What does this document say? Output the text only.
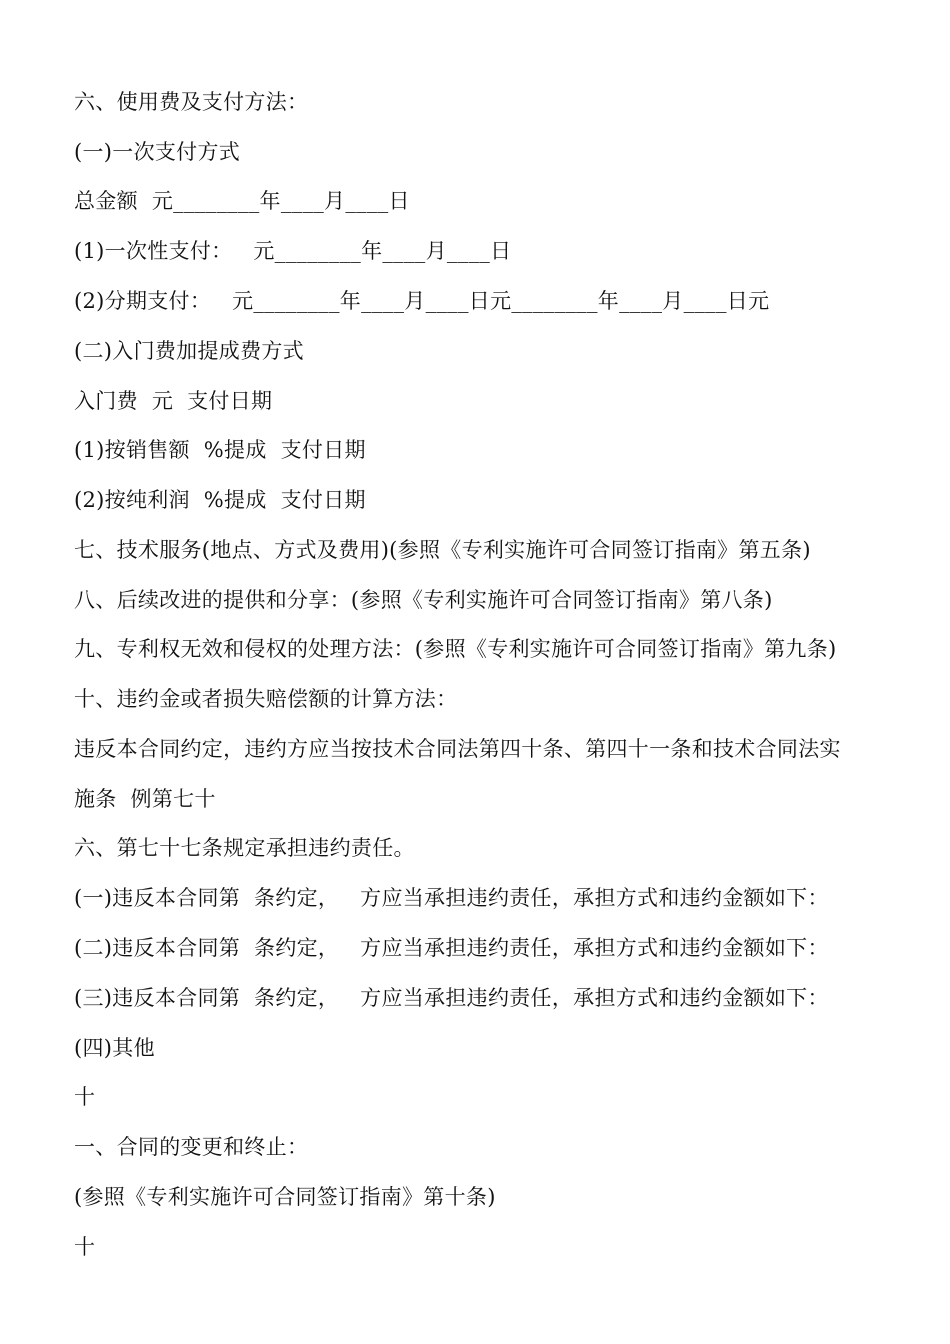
六、使用费及支付方法：

(一)一次支付方式

总金额  元________年____月____日

(1)一次性支付：   元________年____月____日

(2)分期支付：   元________年____月____日元________年____月____日元

(二)入门费加提成费方式

入门费  元  支付日期

(1)按销售额  %提成  支付日期

(2)按纯利润  %提成  支付日期

七、技术服务(地点、方式及费用)(参照《专利实施许可合同签订指南》第五条)

八、后续改进的提供和分享：(参照《专利实施许可合同签订指南》第八条)

九、专利权无效和侵权的处理方法：(参照《专利实施许可合同签订指南》第九条)

十、违约金或者损失赔偿额的计算方法：

违反本合同约定，违约方应当按技术合同法第四十条、第四十一条和技术合同法实

施条  例第七十

六、第七十七条规定承担违约责任。

(一)违反本合同第  条约定，   方应当承担违约责任，承担方式和违约金额如下：

(二)违反本合同第  条约定，   方应当承担违约责任，承担方式和违约金额如下：

(三)违反本合同第  条约定，   方应当承担违约责任，承担方式和违约金额如下：

(四)其他

十

一、合同的变更和终止：

(参照《专利实施许可合同签订指南》第十条)

十
